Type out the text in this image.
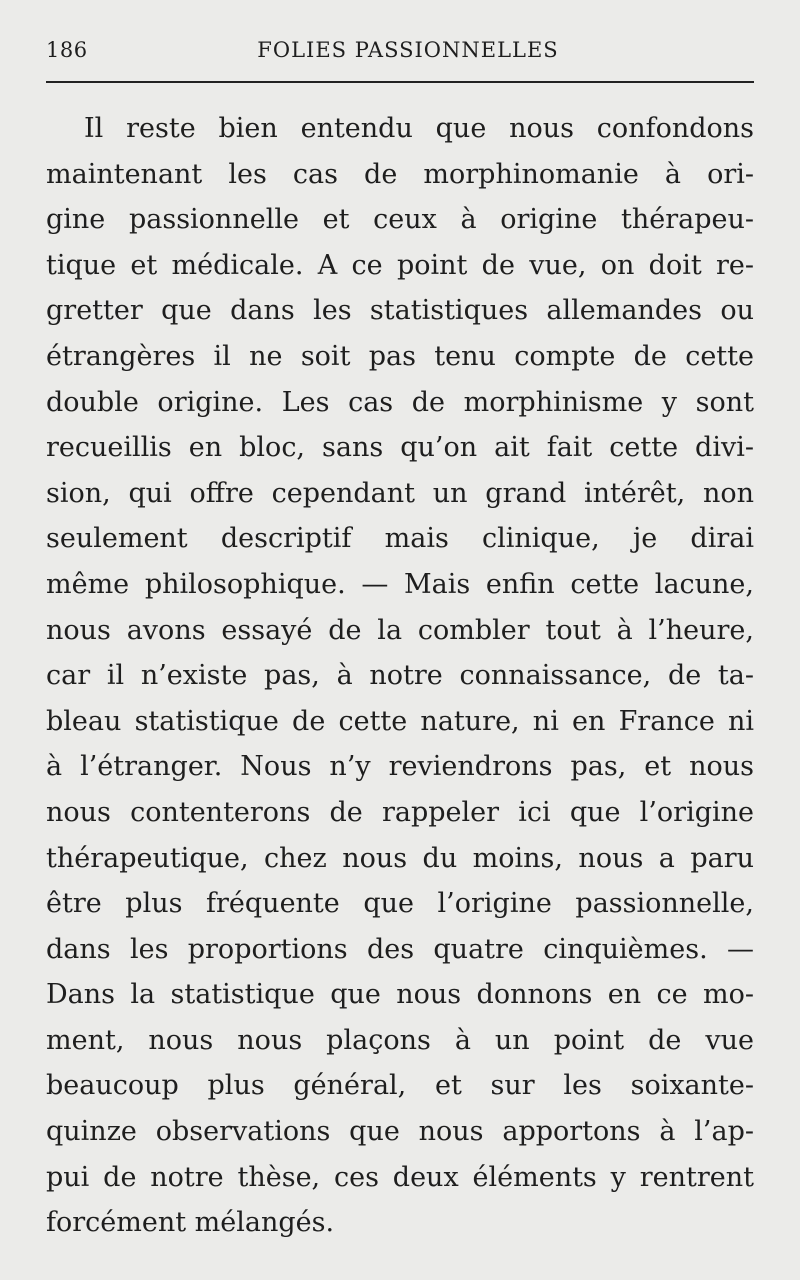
186	FOLIES PASSIONNELLES
Il reste bien entendu que nous confondons
maintenant les cas de morphinomanie à ori-
gine passionnelle et ceux à origine thérapeu-
tique et médicale. A ce point de vue, on doit re-
gretter que dans les statistiques allemandes ou
étrangères il ne soit pas tenu compte de cette
double origine. Les cas de morphinisme y sont
recueillis en bloc, sans qu’on ait fait cette divi-
sion, qui offre cependant un grand intérêt, non
seulement descriptif mais clinique, je dirai
même philosophique. — Mais enfin cette lacune,
nous avons essayé de la combler tout à l’heure,
car il n’existe pas, à notre connaissance, de ta-
bleau statistique de cette nature, ni en France ni
à l’étranger. Nous n’y reviendrons pas, et nous
nous contenterons de rappeler ici que l’origine
thérapeutique, chez nous du moins, nous a paru
être plus fréquente que l’origine passionnelle,
dans les proportions des quatre cinquièmes. —
Dans la statistique que nous donnons en ce mo-
ment, nous nous plaçons à un point de vue
beaucoup plus général, et sur les soixante-
quinze observations que nous apportons à l’ap-
pui de notre thèse, ces deux éléments y rentrent
forcément mélangés.
